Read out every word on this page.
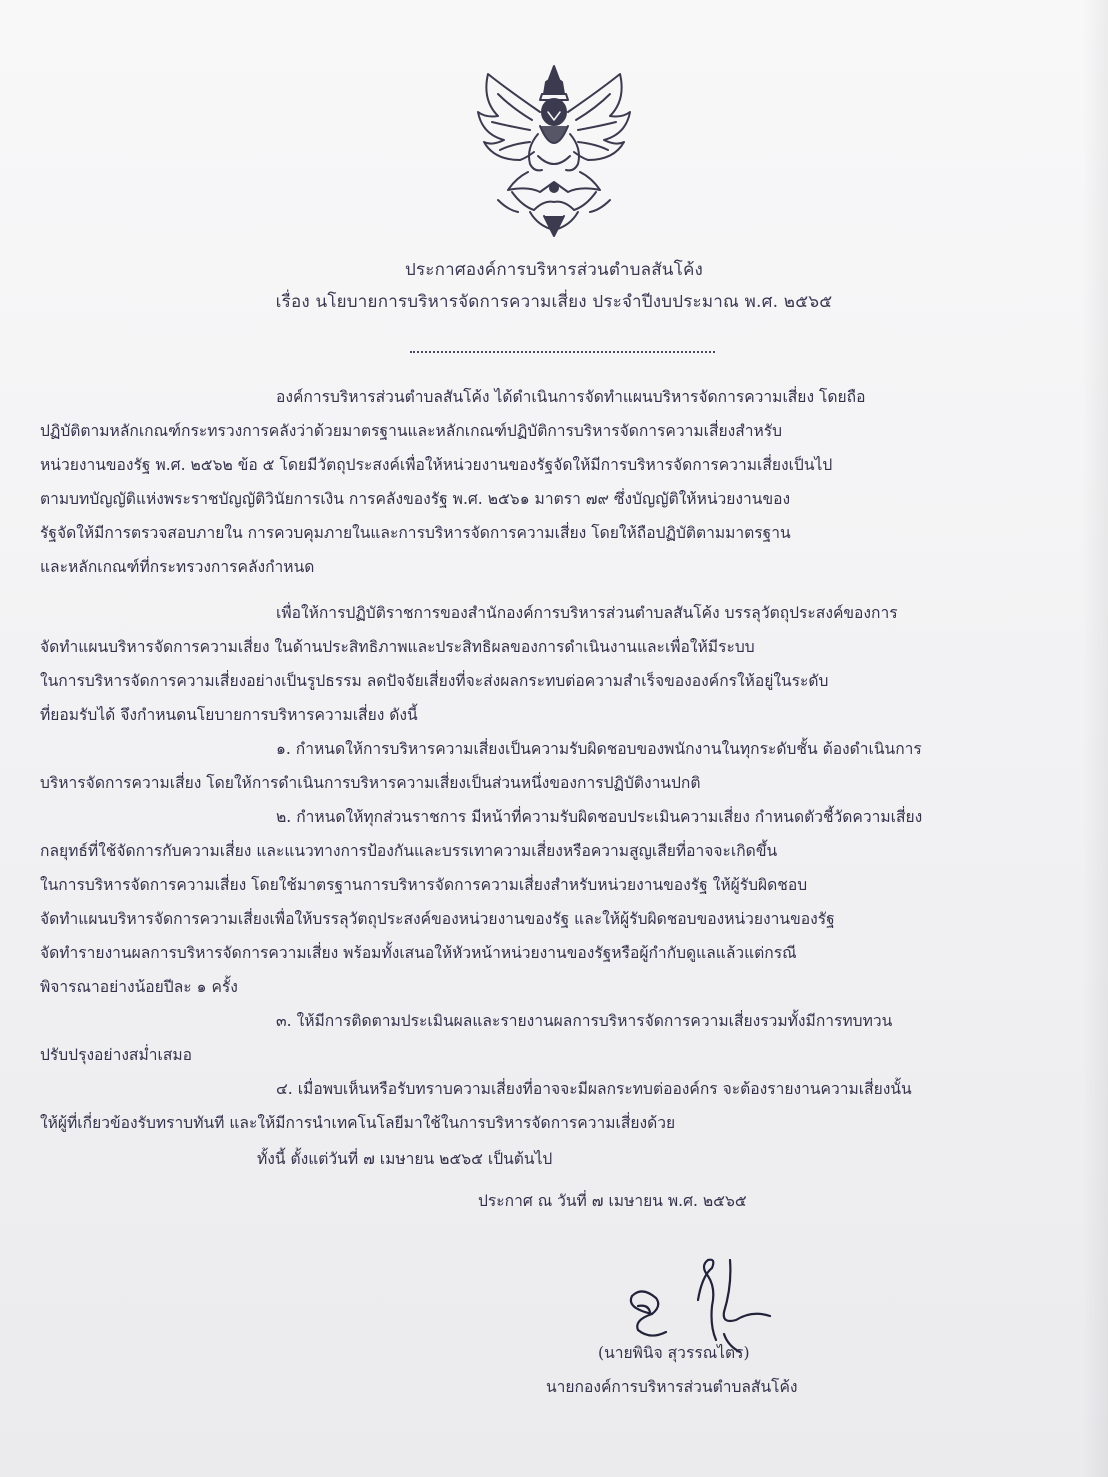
ประกาศองค์การบริหารส่วนตำบลสันโค้ง
เรื่อง นโยบายการบริหารจัดการความเสี่ยง ประจำปีงบประมาณ พ.ศ. ๒๕๖๕
องค์การบริหารส่วนตำบลสันโค้ง ได้ดำเนินการจัดทำแผนบริหารจัดการความเสี่ยง โดยถือ
ปฏิบัติตามหลักเกณฑ์กระทรวงการคลังว่าด้วยมาตรฐานและหลักเกณฑ์ปฏิบัติการบริหารจัดการความเสี่ยงสำหรับ
หน่วยงานของรัฐ พ.ศ. ๒๕๖๒ ข้อ ๕ โดยมีวัตถุประสงค์เพื่อให้หน่วยงานของรัฐจัดให้มีการบริหารจัดการความเสี่ยงเป็นไป
ตามบทบัญญัติแห่งพระราชบัญญัติวินัยการเงิน การคลังของรัฐ พ.ศ. ๒๕๖๑ มาตรา ๗๙ ซึ่งบัญญัติให้หน่วยงานของ
รัฐจัดให้มีการตรวจสอบภายใน การควบคุมภายในและการบริหารจัดการความเสี่ยง โดยให้ถือปฏิบัติตามมาตรฐาน
และหลักเกณฑ์ที่กระทรวงการคลังกำหนด
เพื่อให้การปฏิบัติราชการของสำนักองค์การบริหารส่วนตำบลสันโค้ง บรรลุวัตถุประสงค์ของการ
จัดทำแผนบริหารจัดการความเสี่ยง ในด้านประสิทธิภาพและประสิทธิผลของการดำเนินงานและเพื่อให้มีระบบ
ในการบริหารจัดการความเสี่ยงอย่างเป็นรูปธรรม ลดปัจจัยเสี่ยงที่จะส่งผลกระทบต่อความสำเร็จขององค์กรให้อยู่ในระดับ
ที่ยอมรับได้ จึงกำหนดนโยบายการบริหารความเสี่ยง ดังนี้
๑. กำหนดให้การบริหารความเสี่ยงเป็นความรับผิดชอบของพนักงานในทุกระดับชั้น ต้องดำเนินการ
บริหารจัดการความเสี่ยง โดยให้การดำเนินการบริหารความเสี่ยงเป็นส่วนหนึ่งของการปฏิบัติงานปกติ
๒. กำหนดให้ทุกส่วนราชการ มีหน้าที่ความรับผิดชอบประเมินความเสี่ยง กำหนดตัวชี้วัดความเสี่ยง
กลยุทธ์ที่ใช้จัดการกับความเสี่ยง และแนวทางการป้องกันและบรรเทาความเสี่ยงหรือความสูญเสียที่อาจจะเกิดขึ้น
ในการบริหารจัดการความเสี่ยง โดยใช้มาตรฐานการบริหารจัดการความเสี่ยงสำหรับหน่วยงานของรัฐ ให้ผู้รับผิดชอบ
จัดทำแผนบริหารจัดการความเสี่ยงเพื่อให้บรรลุวัตถุประสงค์ของหน่วยงานของรัฐ และให้ผู้รับผิดชอบของหน่วยงานของรัฐ
จัดทำรายงานผลการบริหารจัดการความเสี่ยง พร้อมทั้งเสนอให้หัวหน้าหน่วยงานของรัฐหรือผู้กำกับดูแลแล้วแต่กรณี
พิจารณาอย่างน้อยปีละ ๑ ครั้ง
๓. ให้มีการติดตามประเมินผลและรายงานผลการบริหารจัดการความเสี่ยงรวมทั้งมีการทบทวน
ปรับปรุงอย่างสม่ำเสมอ
๔. เมื่อพบเห็นหรือรับทราบความเสี่ยงที่อาจจะมีผลกระทบต่อองค์กร จะต้องรายงานความเสี่ยงนั้น
ให้ผู้ที่เกี่ยวข้องรับทราบทันที และให้มีการนำเทคโนโลยีมาใช้ในการบริหารจัดการความเสี่ยงด้วย
ทั้งนี้ ตั้งแต่วันที่ ๗ เมษายน ๒๕๖๕ เป็นต้นไป
ประกาศ ณ วันที่ ๗ เมษายน พ.ศ. ๒๕๖๕
(นายพินิจ สุวรรณไตร)
นายกองค์การบริหารส่วนตำบลสันโค้ง
